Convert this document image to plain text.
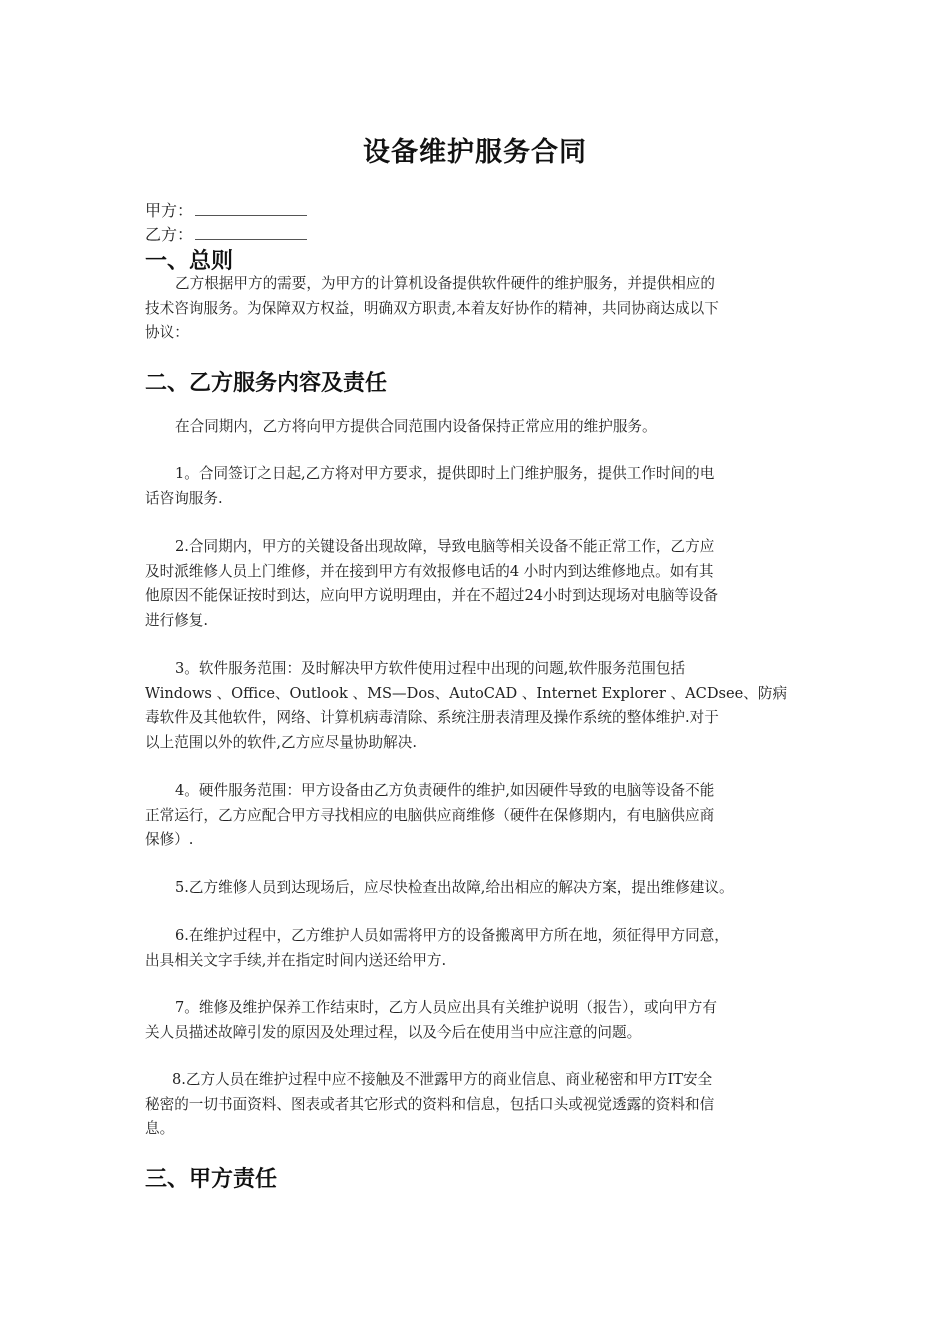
设备维护服务合同
甲方：
乙方：
一、总则
乙方根据甲方的需要，为甲方的计算机设备提供软件硬件的维护服务，并提供相应的
技术咨询服务。为保障双方权益，明确双方职责,本着友好协作的精神，共同协商达成以下
协议：
二、乙方服务内容及责任
在合同期内，乙方将向甲方提供合同范围内设备保持正常应用的维护服务。
1。合同签订之日起,乙方将对甲方要求，提供即时上门维护服务，提供工作时间的电
话咨询服务.
2.合同期内，甲方的关键设备出现故障，导致电脑等相关设备不能正常工作，乙方应
及时派维修人员上门维修，并在接到甲方有效报修电话的4 小时内到达维修地点。如有其
他原因不能保证按时到达，应向甲方说明理由，并在不超过24小时到达现场对电脑等设备
进行修复.
3。软件服务范围：及时解决甲方软件使用过程中出现的问题,软件服务范围包括
Windows 、Office、Outlook 、MS—Dos、AutoCAD 、Internet Explorer 、ACDsee、防病
毒软件及其他软件，网络、计算机病毒清除、系统注册表清理及操作系统的整体维护.对于
以上范围以外的软件,乙方应尽量协助解决.
4。硬件服务范围：甲方设备由乙方负责硬件的维护,如因硬件导致的电脑等设备不能
正常运行，乙方应配合甲方寻找相应的电脑供应商维修（硬件在保修期内，有电脑供应商
保修）.
5.乙方维修人员到达现场后，应尽快检查出故障,给出相应的解决方案，提出维修建议。
6.在维护过程中，乙方维护人员如需将甲方的设备搬离甲方所在地，须征得甲方同意，
出具相关文字手续,并在指定时间内送还给甲方.
7。维修及维护保养工作结束时，乙方人员应出具有关维护说明（报告），或向甲方有
关人员描述故障引发的原因及处理过程，以及今后在使用当中应注意的问题。
8.乙方人员在维护过程中应不接触及不泄露甲方的商业信息、商业秘密和甲方IT安全
秘密的一切书面资料、图表或者其它形式的资料和信息，包括口头或视觉透露的资料和信
息。
三、甲方责任
